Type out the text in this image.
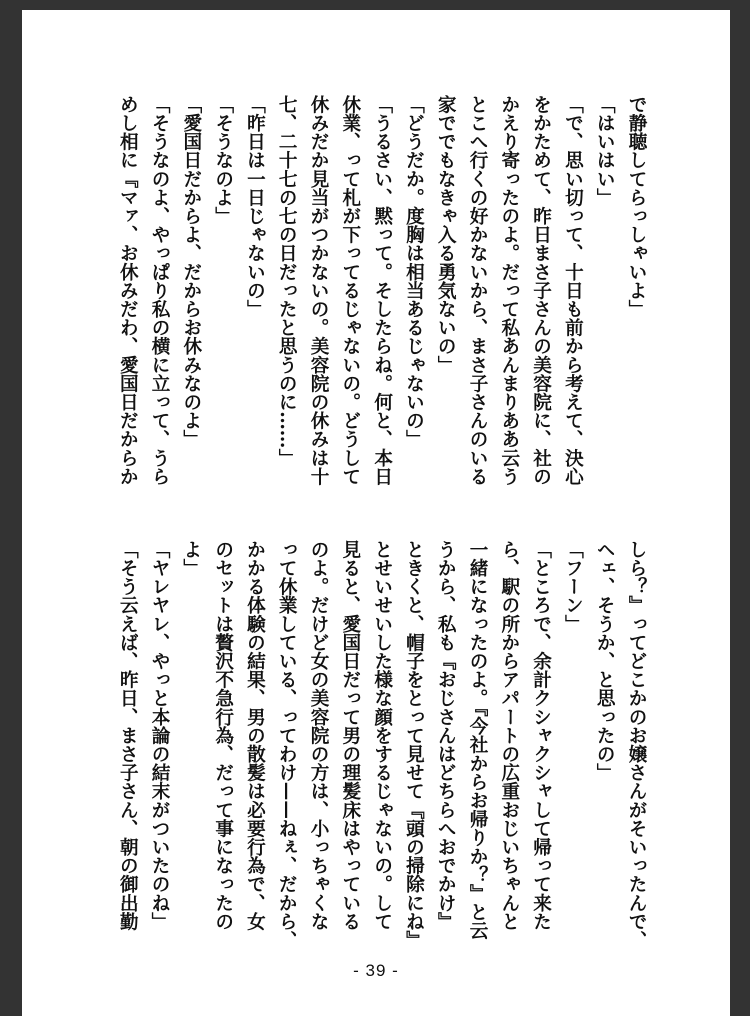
で静聴してらっしゃいよ」

「はいはい」

「で、思い切って、十日も前から考えて、決心

をかためて、昨日まさ子さんの美容院に、社の

かえり寄ったのよ。だって私あんまりああ云う

とこへ行くの好かないから、まさ子さんのいる

家ででもなきゃ入る勇気ないの」

「どうだか。度胸は相当あるじゃないの」

「うるさい、黙って。そしたらね。何と、本日

休業、って札が下ってるじゃないの。どうして

休みだか見当がつかないの。美容院の休みは十

七、二十七の七の日だったと思うのに……」

「昨日は一日じゃないの」

「そうなのよ」

「愛国日だからよ、だからお休みなのよ」

「そうなのよ、やっぱり私の横に立って、うら

めし相に『マァ、お休みだわ、愛国日だからか

しら？』ってどこかのお嬢さんがそいったんで、

ヘェ、そうか、と思ったの」

「フーン」

「ところで、余計クシャクシャして帰って来た

ら、駅の所からアパートの広重おじいちゃんと

一緒になったのよ。『今社からお帰りか？』と云

うから、私も『おじさんはどちらへおでかけ』

ときくと、帽子をとって見せて『頭の掃除にね』

とせいせいした様な顔をするじゃないの。して

見ると、愛国日だって男の理髪床はやっている

のよ。だけど女の美容院の方は、小っちゃくな

って休業している、ってわけ——ねぇ、だから、

かかる体験の結果、男の散髪は必要行為で、女

のセットは贅沢不急行為、だって事になったの

よ」

「ヤレヤレ、やっと本論の結末がついたのね」

「そう云えば、昨日、まさ子さん、朝の御出勤

- 39 -
